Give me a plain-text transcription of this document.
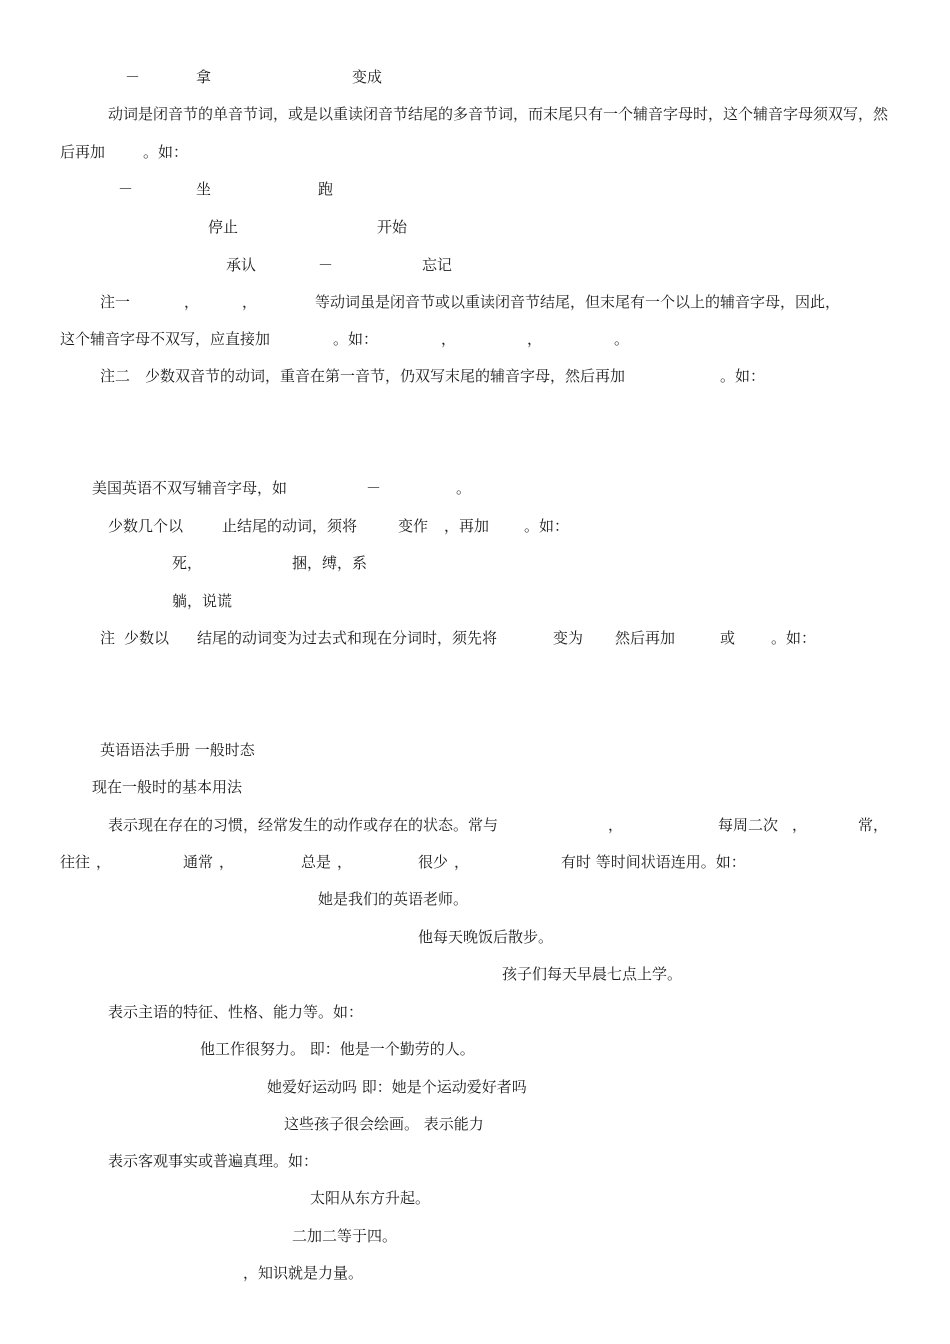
－	拿	变成
动词是闭音节的单音节词，或是以重读闭音节结尾的多音节词，而末尾只有一个辅音字母时，这个辅音字母须双写，然后再加	。如：
－	坐	跑
停止	开始
承认	－	忘记
注一	，	，	等动词虽是闭音节或以重读闭音节结尾，但末尾有一个以上的辅音字母，因此，
这个辅音字母不双写，应直接加	。如：	，	，	。
注二　少数双音节的动词，重音在第一音节，仍双写末尾的辅音字母，然后再加	。如：
美国英语不双写辅音字母，如	－	。
少数几个以	止结尾的动词，须将	变作 ，再加 。如：
死，	捆，缚，系
躺，说谎
注 少数以 结尾的动词变为过去式和现在分词时，须先将	变为 然后再加	或 。如：
英语语法手册 一般时态
现在一般时的基本用法
表示现在存在的习惯，经常发生的动作或存在的状态。常与	，	每周二次 ，	常，
往往 ，	通常 ，	总是 ，	很少 ，	有时 等时间状语连用。如：
她是我们的英语老师。
他每天晚饭后散步。
孩子们每天早晨七点上学。
表示主语的特征、性格、能力等。如：
他工作很努力。 即：他是一个勤劳的人。
她爱好运动吗 即：她是个运动爱好者吗
这些孩子很会绘画。 表示能力
表示客观事实或普遍真理。如：
太阳从东方升起。
二加二等于四。
，知识就是力量。
